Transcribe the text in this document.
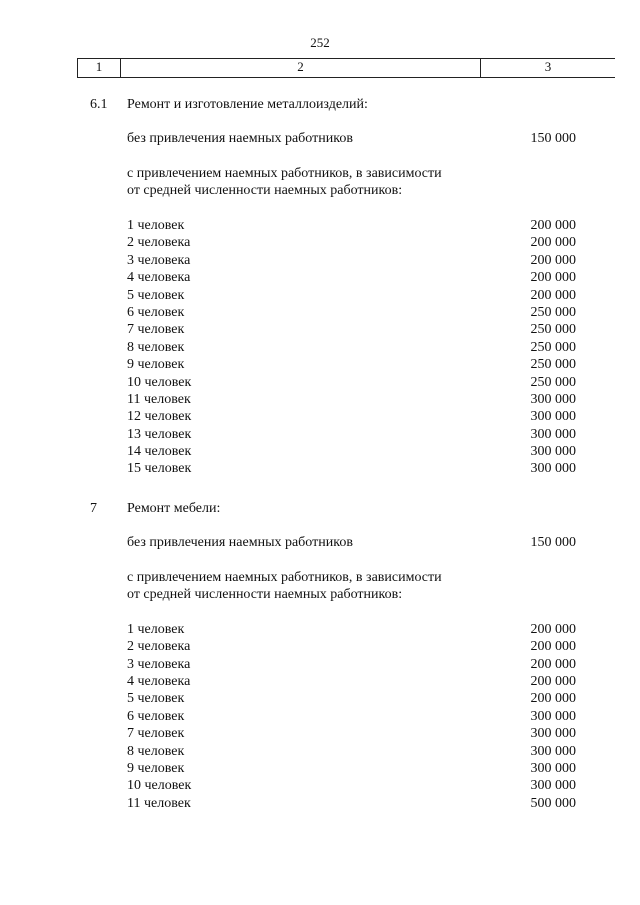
252
1	2	3
6.1 Ремонт и изготовление металлоизделий:
без привлечения наемных работников	150 000
с привлечением наемных работников, в зависимости
от средней численности наемных работников:
1 человек	200 000
2 человека	200 000
3 человека	200 000
4 человека	200 000
5 человек	200 000
6 человек	250 000
7 человек	250 000
8 человек	250 000
9 человек	250 000
10 человек	250 000
11 человек	300 000
12 человек	300 000
13 человек	300 000
14 человек	300 000
15 человек	300 000
7 Ремонт мебели:
без привлечения наемных работников	150 000
с привлечением наемных работников, в зависимости
от средней численности наемных работников:
1 человек	200 000
2 человека	200 000
3 человека	200 000
4 человека	200 000
5 человек	200 000
6 человек	300 000
7 человек	300 000
8 человек	300 000
9 человек	300 000
10 человек	300 000
11 человек	500 000
